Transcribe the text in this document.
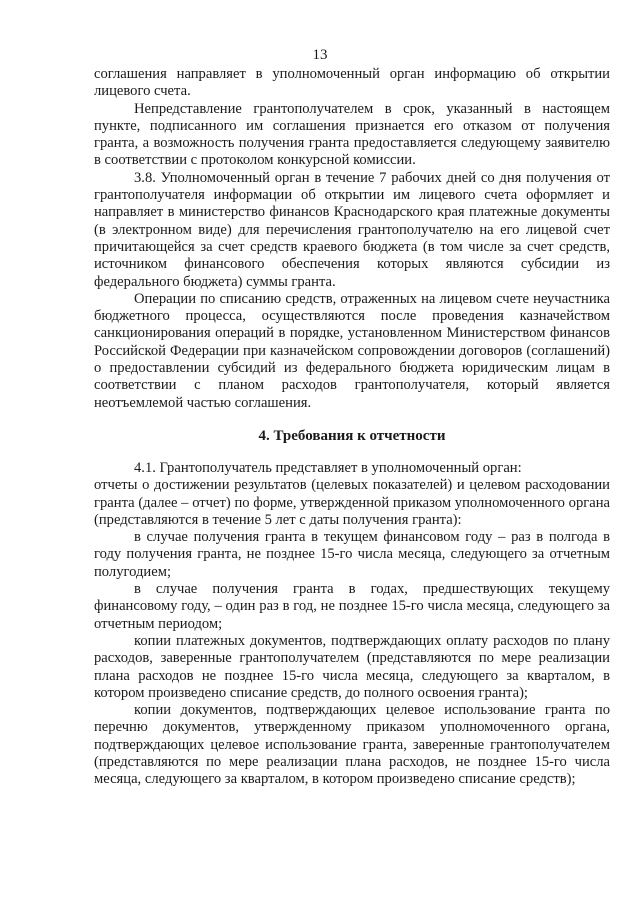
13

соглашения направляет в уполномоченный орган информацию об открытии лицевого счета.

Непредставление грантополучателем в срок, указанный в настоящем пункте, подписанного им соглашения признается его отказом от получения гранта, а возможность получения гранта предоставляется следующему заявителю в соответствии с протоколом конкурсной комиссии.

3.8. Уполномоченный орган в течение 7 рабочих дней со дня получения от грантополучателя информации об открытии им лицевого счета оформляет и направляет в министерство финансов Краснодарского края платежные документы (в электронном виде) для перечисления грантополучателю на его лицевой счет причитающейся за счет средств краевого бюджета (в том числе за счет средств, источником финансового обеспечения которых являются субсидии из федерального бюджета) суммы гранта.

Операции по списанию средств, отраженных на лицевом счете неучастника бюджетного процесса, осуществляются после проведения казначейством санкционирования операций в порядке, установленном Министерством финансов Российской Федерации при казначейском сопровождении договоров (соглашений) о предоставлении субсидий из федерального бюджета юридическим лицам в соответствии с планом расходов грантополучателя, который является неотъемлемой частью соглашения.

4. Требования к отчетности

4.1. Грантополучатель представляет в уполномоченный орган:

отчеты о достижении результатов (целевых показателей) и целевом расходовании гранта (далее – отчет) по форме, утвержденной приказом уполномоченного органа (представляются в течение 5 лет с даты получения гранта):

в случае получения гранта в текущем финансовом году – раз в полгода в году получения гранта, не позднее 15-го числа месяца, следующего за отчетным полугодием;

в случае получения гранта в годах, предшествующих текущему финансовому году, – один раз в год, не позднее 15-го числа месяца, следующего за отчетным периодом;

копии платежных документов, подтверждающих оплату расходов по плану расходов, заверенные грантополучателем (представляются по мере реализации плана расходов не позднее 15-го числа месяца, следующего за кварталом, в котором произведено списание средств, до полного освоения гранта);

копии документов, подтверждающих целевое использование гранта по перечню документов, утвержденному приказом уполномоченного органа, подтверждающих целевое использование гранта, заверенные грантополучателем (представляются по мере реализации плана расходов, не позднее 15-го числа месяца, следующего за кварталом, в котором произведено списание средств);
